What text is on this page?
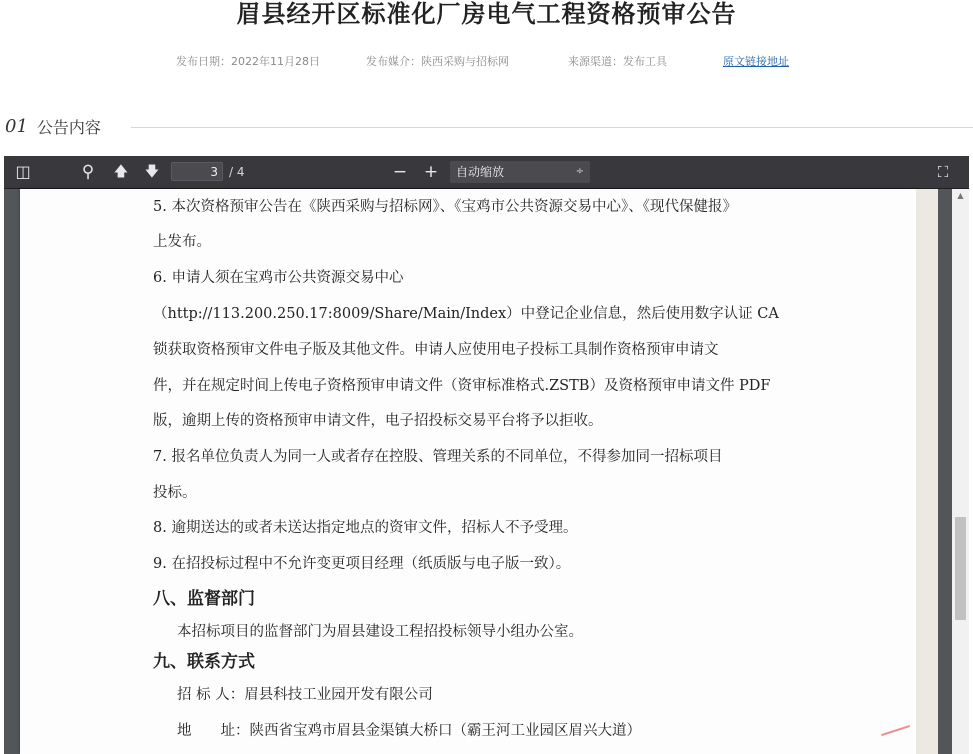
眉县经开区标准化厂房电气工程资格预审公告
发布日期：2022年11月28日	发布媒介：陕西采购与招标网	来源渠道：发布工具	原文链接地址
01 公告内容
◫	⚲	🡅 🡇	3 / 4	− +	自动缩放	÷	⛶
5. 本次资格预审公告在《陕西采购与招标网》、《宝鸡市公共资源交易中心》、《现代保健报》
上发布。
6. 申请人须在宝鸡市公共资源交易中心
（http://113.200.250.17:8009/Share/Main/Index）中登记企业信息，然后使用数字认证 CA
锁获取资格预审文件电子版及其他文件。申请人应使用电子投标工具制作资格预审申请文
件，并在规定时间上传电子资格预审申请文件（资审标准格式.ZSTB）及资格预审申请文件 PDF
版，逾期上传的资格预审申请文件，电子招投标交易平台将予以拒收。
7. 报名单位负责人为同一人或者存在控股、管理关系的不同单位，不得参加同一招标项目
投标。
8. 逾期送达的或者未送达指定地点的资审文件，招标人不予受理。
9. 在招投标过程中不允许变更项目经理（纸质版与电子版一致）。
八、监督部门
本招标项目的监督部门为眉县建设工程招投标领导小组办公室。
九、联系方式
招 标 人：眉县科技工业园开发有限公司
地　　址：陕西省宝鸡市眉县金渠镇大桥口（霸王河工业园区眉兴大道）
▲
